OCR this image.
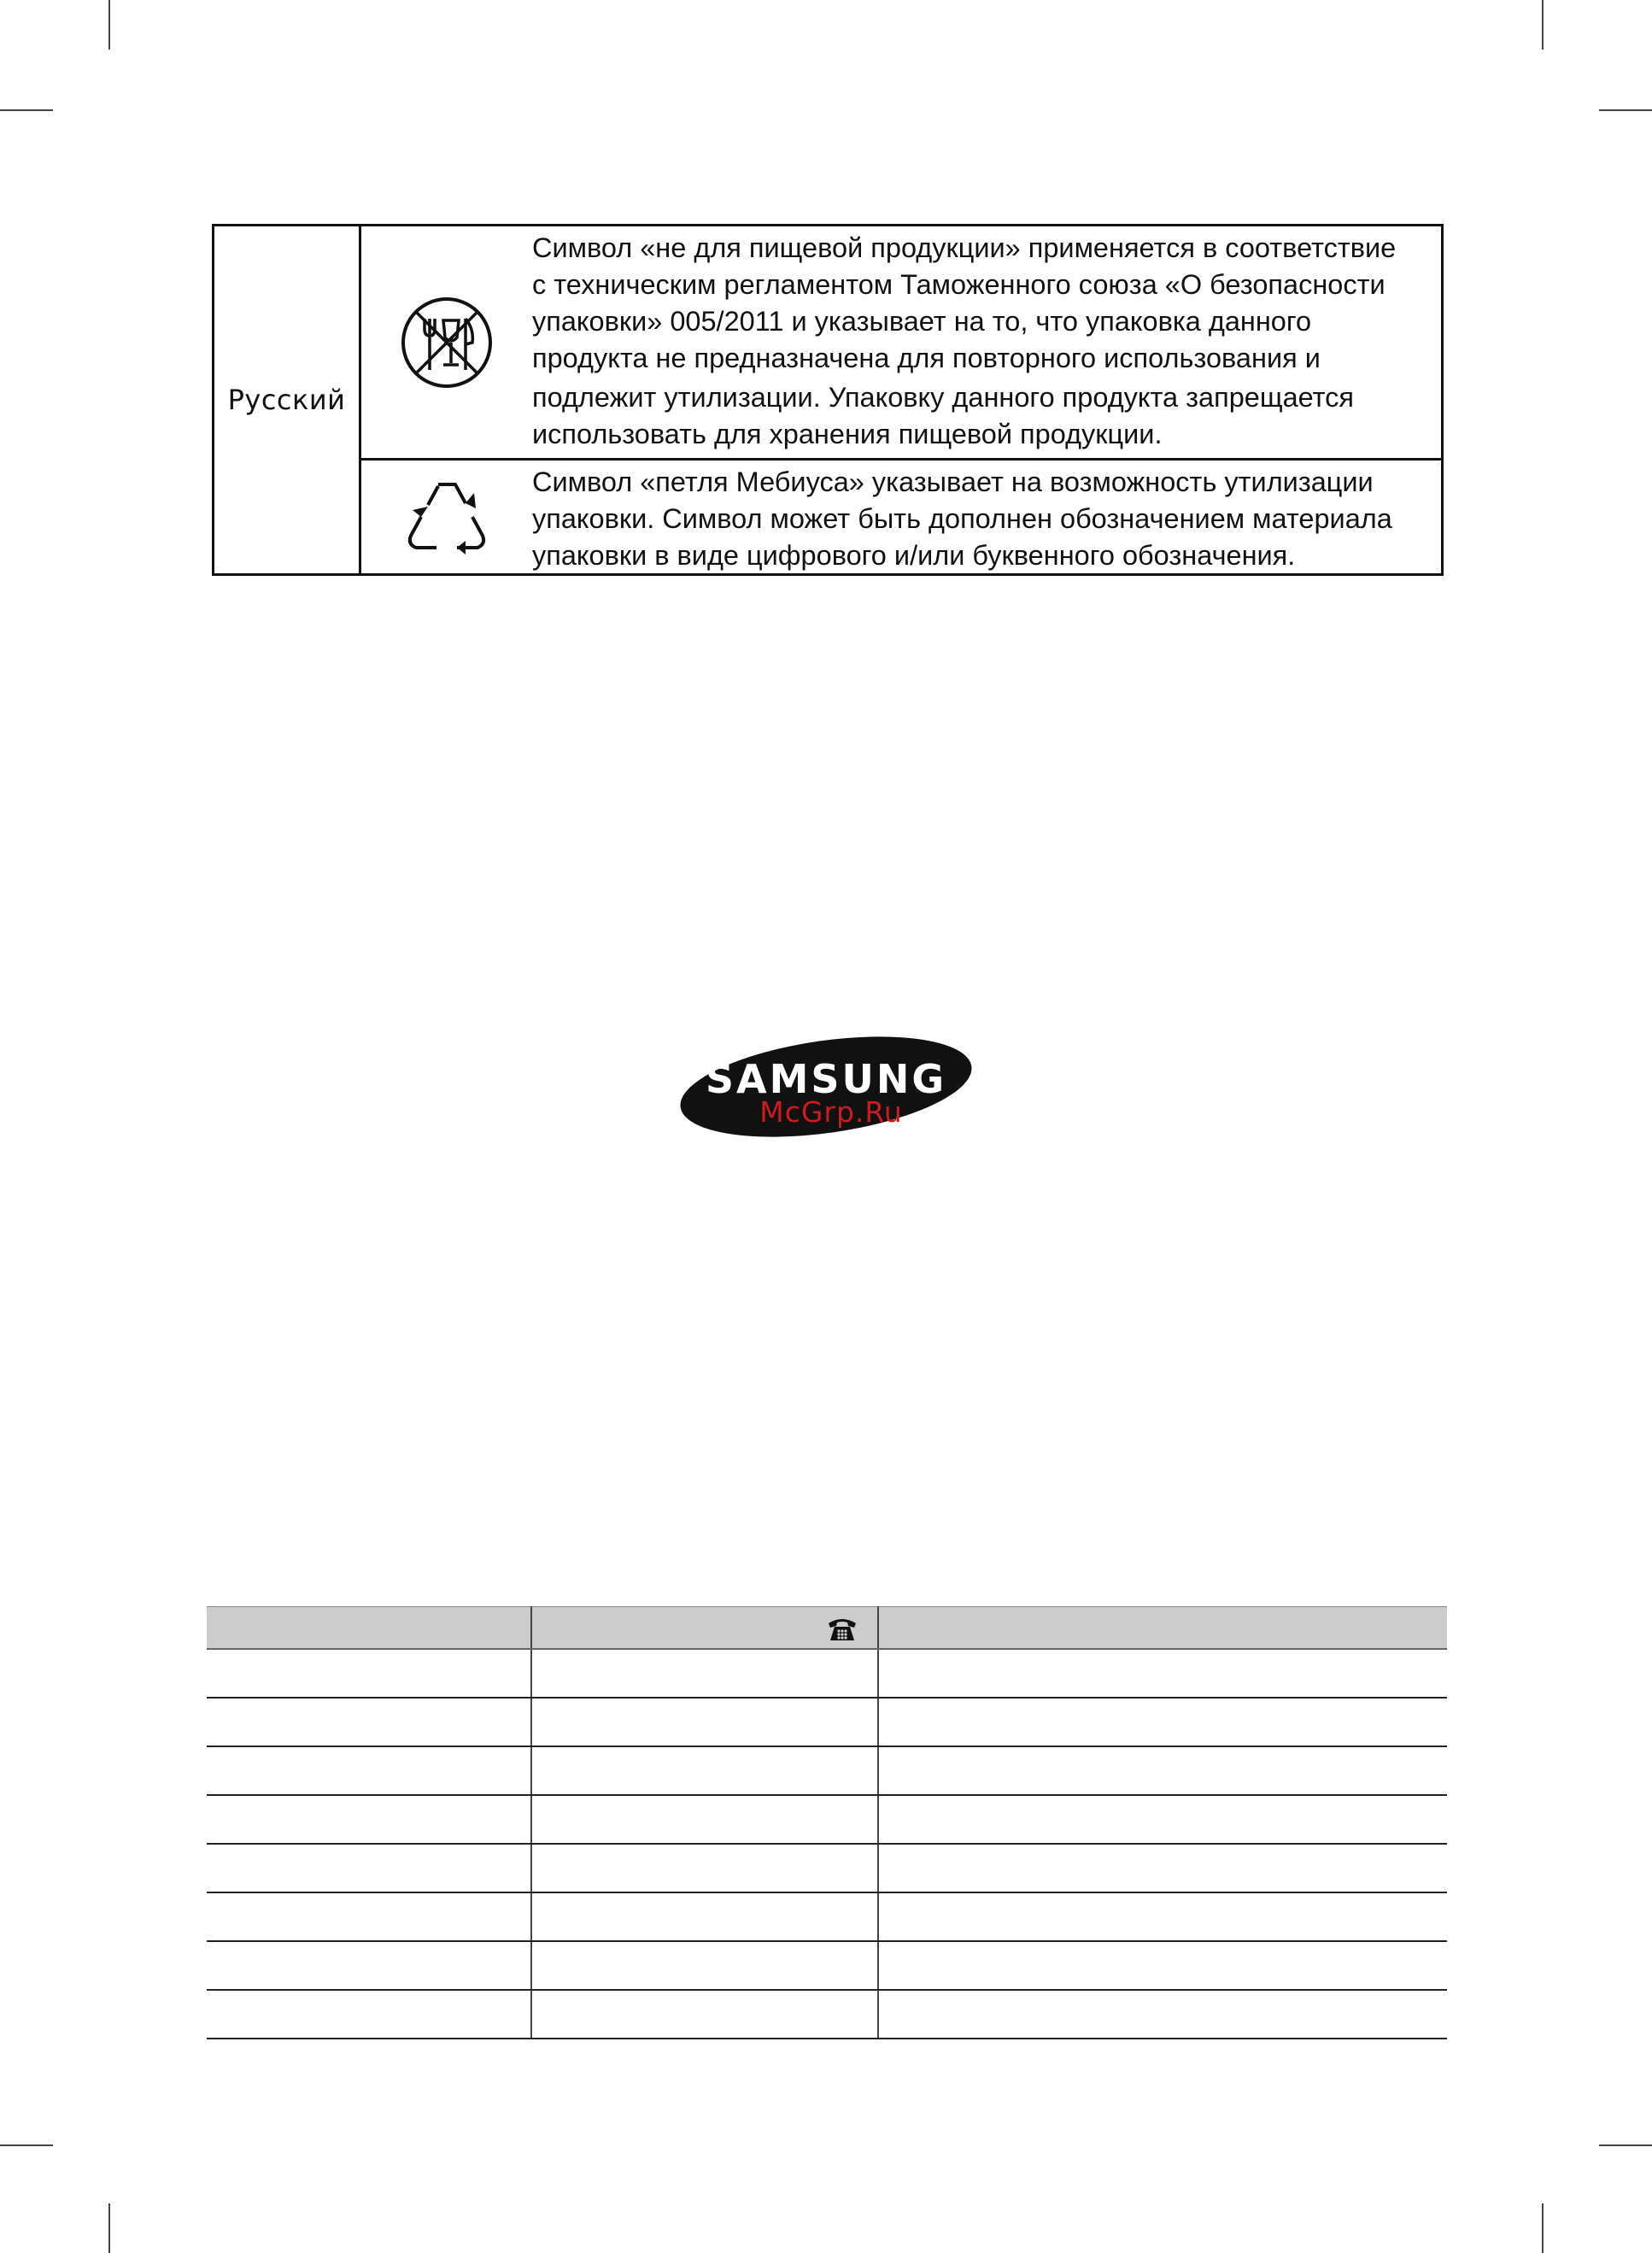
Русский
Символ «не для пищевой продукции» применяется в соответствие
с техническим регламентом Таможенного союза «О безопасности
упаковки» 005/2011 и указывает на то, что упаковка данного
продукта не предназначена для повторного использования и
подлежит утилизации. Упаковку данного продукта запрещается
использовать для хранения пищевой продукции.
Символ «петля Мебиуса» указывает на возможность утилизации
упаковки. Символ может быть дополнен обозначением материала
упаковки в виде цифрового и/или буквенного обозначения.
SAMSUNG
McGrp.Ru
